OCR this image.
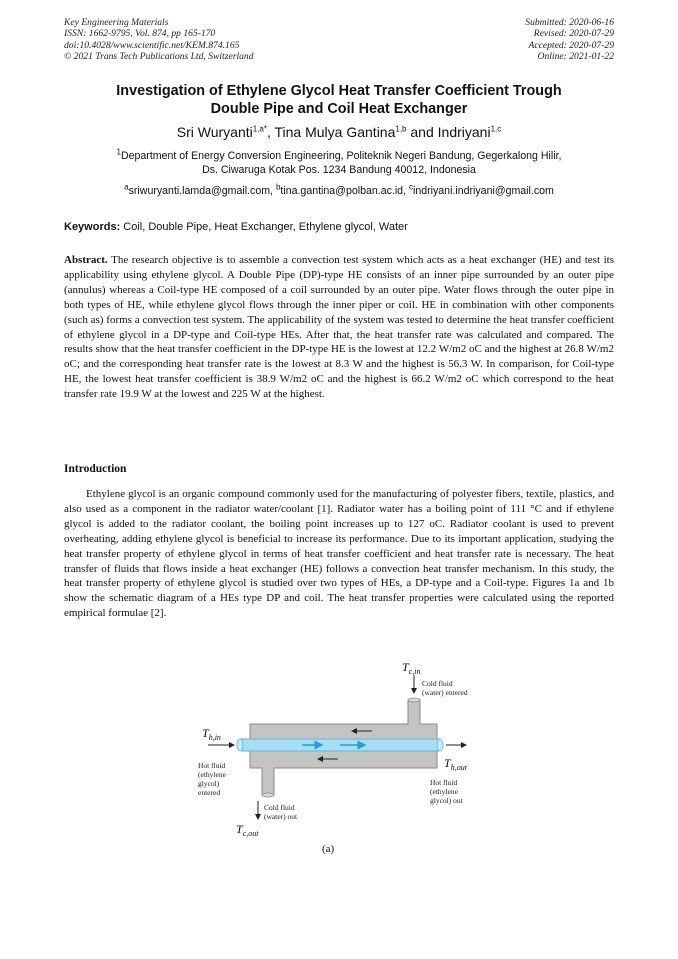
Key Engineering Materials
ISSN: 1662-9795, Vol. 874, pp 165-170
doi:10.4028/www.scientific.net/KEM.874.165
© 2021 Trans Tech Publications Ltd, Switzerland
Submitted: 2020-06-16
Revised: 2020-07-29
Accepted: 2020-07-29
Online: 2021-01-22
Investigation of Ethylene Glycol Heat Transfer Coefficient Trough
Double Pipe and Coil Heat Exchanger
Sri Wuryanti$^{1,a*}$, Tina Mulya Gantina$^{1,b}$ and Indriyani$^{1,c}$
$^1$Department of Energy Conversion Engineering, Politeknik Negeri Bandung, Gegerkalong Hilir,
Ds. Ciwaruga Kotak Pos. 1234 Bandung 40012, Indonesia
$^a$sriwuryanti.lamda@gmail.com, $^b$tina.gantina@polban.ac.id, $^c$indriyani.indriyani@gmail.com
Keywords: Coil, Double Pipe, Heat Exchanger, Ethylene glycol, Water
Abstract. The research objective is to assemble a convection test system which acts as a heat exchanger (HE) and test its applicability using ethylene glycol. A Double Pipe (DP)-type HE consists of an inner pipe surrounded by an outer pipe (annulus) whereas a Coil-type HE composed of a coil surrounded by an outer pipe. Water flows through the outer pipe in both types of HE, while ethylene glycol flows through the inner piper or coil. HE in combination with other components (such as) forms a convection test system. The applicability of the system was tested to determine the heat transfer coefficient of ethylene glycol in a DP-type and Coil-type HEs. After that, the heat transfer rate was calculated and compared. The results show that the heat transfer coefficient in the DP-type HE is the lowest at 12.2 W/m2 oC and the highest at 26.8 W/m2 oC; and the corresponding heat transfer rate is the lowest at 8.3 W and the highest is 56.3 W. In comparison, for Coil-type HE, the lowest heat transfer coefficient is 38.9 W/m2 oC and the highest is 66.2 W/m2 oC which correspond to the heat transfer rate 19.9 W at the lowest and 225 W at the highest.
Introduction
Ethylene glycol is an organic compound commonly used for the manufacturing of polyester fibers, textile, plastics, and also used as a component in the radiator water/coolant [1]. Radiator water has a boiling point of 111 °C and if ethylene glycol is added to the radiator coolant, the boiling point increases up to 127 oC. Radiator coolant is used to prevent overheating, adding ethylene glycol is beneficial to increase its performance. Due to its important application, studying the heat transfer property of ethylene glycol in terms of heat transfer coefficient and heat transfer rate is necessary. The heat transfer of fluids that flows inside a heat exchanger (HE) follows a convection heat transfer mechanism. In this study, the heat transfer property of ethylene glycol is studied over two types of HEs, a DP-type and a Coil-type. Figures 1a and 1b show the schematic diagram of a HEs type DP and coil. The heat transfer properties were calculated using the reported empirical formulae [2].
$T_{c,in}$
Cold fluid
(water) entered
$T_{h,in}$
Hot fluid
(ethylene
glycol)
entered
$T_{h,out}$
Hot fluid
(ethylene
glycol) out
Cold fluid
(water) out
$T_{c,out}$
(a)
